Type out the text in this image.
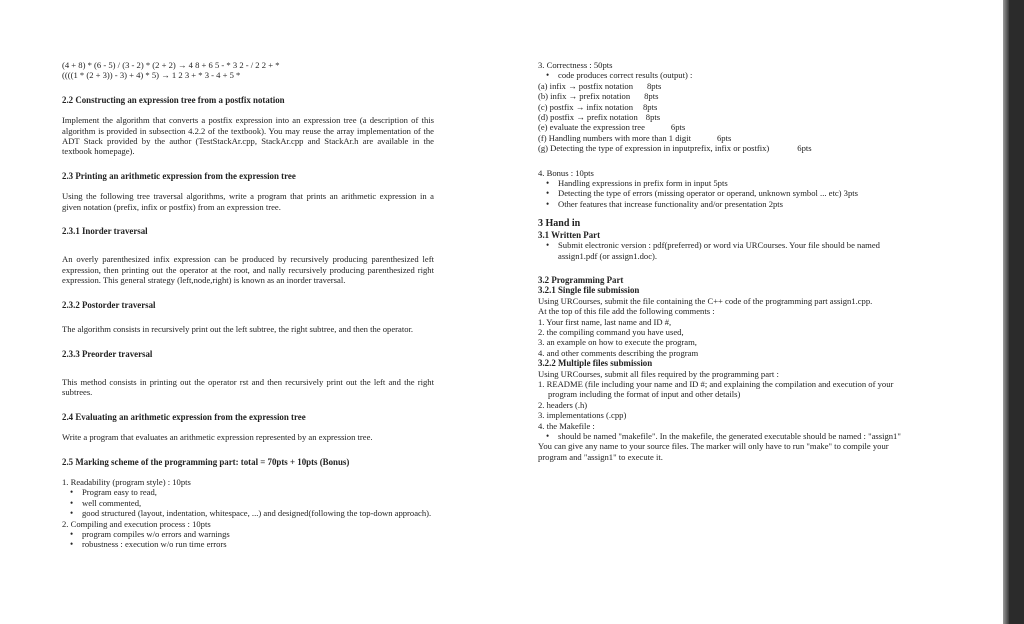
(4 + 8) * (6 - 5) / (3 - 2) * (2 + 2) → 4 8 + 6 5 - * 3 2 - / 2 2 + *

((((1 * (2 + 3)) - 3) + 4) * 5) → 1 2 3 + * 3 - 4 + 5 *

2.2 Constructing an expression tree from a postfix notation

Implement the algorithm that converts a postfix expression into an expression tree (a description of this algorithm is provided in subsection 4.2.2 of the textbook). You may reuse the array implementation of the ADT Stack provided by the author (TestStackAr.cpp, StackAr.cpp and StackAr.h are available in the textbook homepage).

2.3 Printing an arithmetic expression from the expression tree

Using the following tree traversal algorithms, write a program that prints an arithmetic expression in a given notation (prefix, infix or postfix) from an expression tree.

2.3.1 Inorder traversal

An overly parenthesized infix expression can be produced by recursively producing parenthesized left expression, then printing out the operator at the root, and nally recursively producing parenthesized right expression. This general strategy (left,node,right) is known as an inorder traversal.

2.3.2 Postorder traversal

The algorithm consists in recursively print out the left subtree, the right subtree, and then the operator.

2.3.3 Preorder traversal

This method consists in printing out the operator rst and then recursively print out the left and the right subtrees.

2.4 Evaluating an arithmetic expression from the expression tree

Write a program that evaluates an arithmetic expression represented by an expression tree.

2.5 Marking scheme of the programming part: total = 70pts + 10pts (Bonus)

1. Readability (program style) : 10pts

• Program easy to read,
• well commented,
• good structured (layout, indentation, whitespace, ...) and designed(following the top-down approach).

2. Compiling and execution process : 10pts

• program compiles w/o errors and warnings
• robustness : execution w/o run time errors

3. Correctness : 50pts

• code produces correct results (output) :

(a) infix → postfix notation 8pts

(b) infix → prefix notation 8pts

(c) postfix → infix notation 8pts

(d) postfix → prefix notation 8pts

(e) evaluate the expression tree	6pts

(f) Handling numbers with more than 1 digit	6pts

(g) Detecting the type of expression in inputprefix, infix or postfix)	6pts

4. Bonus : 10pts

• Handling expressions in prefix form in input 5pts
• Detecting the type of errors (missing operator or operand, unknown symbol ... etc) 3pts
• Other features that increase functionality and/or presentation 2pts

3 Hand in

3.1 Written Part

• Submit electronic version : pdf(preferred) or word via URCourses. Your file should be named assign1.pdf (or assign1.doc).

3.2 Programming Part

3.2.1 Single file submission

Using URCourses, submit the file containing the C++ code of the programming part assign1.cpp.

At the top of this file add the following comments :

1. Your first name, last name and ID #,

2. the compiling command you have used,

3. an example on how to execute the program,

4. and other comments describing the program

3.2.2 Multiple files submission

Using URCourses, submit all files required by the programming part :

1. README (file including your name and ID #; and explaining the compilation and execution of your program including the format of input and other details)

2. headers (.h)

3. implementations (.cpp)

4. the Makefile :

• should be named "makefile". In the makefile, the generated executable should be named : "assign1"

You can give any name to your source files. The marker will only have to run "make" to compile your program and "assign1" to execute it.
